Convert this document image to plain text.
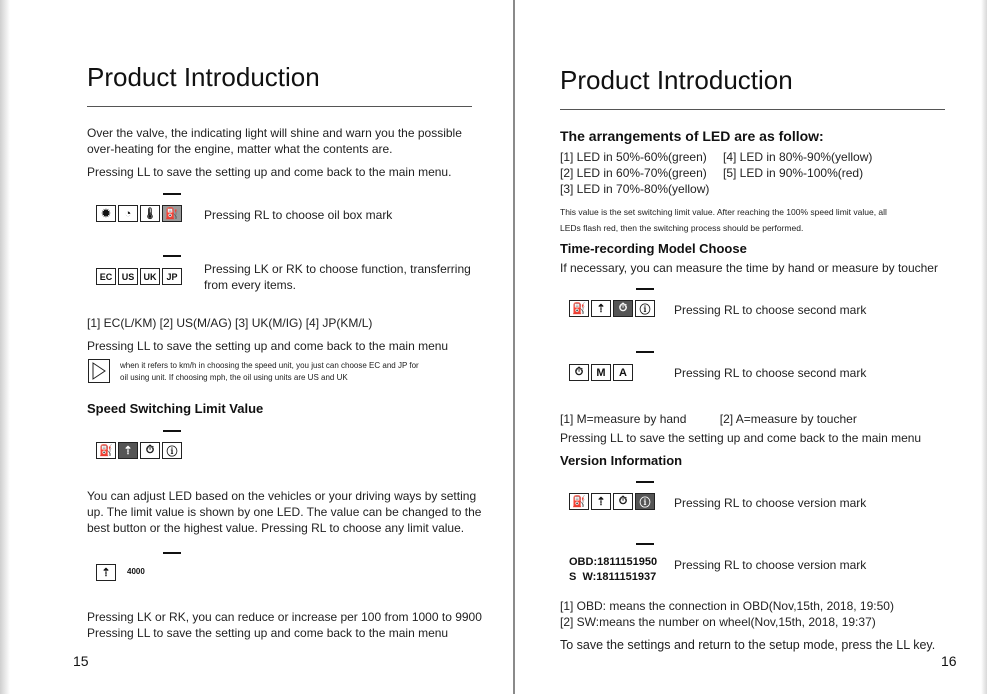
Product Introduction
Over the valve, the indicating light will shine and warn you the possible
over-heating for the engine, matter what the contents are.
Pressing LL to save the setting up and come back to the main menu.
✹	◔	🌡 ⛽ Pressing RL to choose oil box mark
EC	US	UK	JP
Pressing LK or RK to choose function, transferring
from every items.
[1] EC(L/KM) [2] US(M/AG) [3] UK(M/IG) [4] JP(KM/L)
Pressing LL to save the setting up and come back to the main menu
when it refers to km/h in choosing the speed unit, you just can choose EC and JP for
oil using unit. If choosing mph, the oil using units are US and UK
Speed Switching Limit Value
⛽ ⇡	⏱	ⓘ
You can adjust LED based on the vehicles or your driving ways by setting
up. The limit value is shown by one LED. The value can be changed to the
best button or the highest value. Pressing RL to choose any limit value.
⇡	4000
Pressing LK or RK, you can reduce or increase per 100 from 1000 to 9900
Pressing LL to save the setting up and come back to the main menu
15
Product Introduction
The arrangements of LED are as follow:
[1] LED in 50%-60%(green)
[2] LED in 60%-70%(green)
[3] LED in 70%-80%(yellow)
[4] LED in 80%-90%(yellow)
[5] LED in 90%-100%(red)
This value is the set switching limit value. After reaching the 100% speed limit value, all
LEDs flash red, then the switching process should be performed.
Time-recording Model Choose
If necessary, you can measure the time by hand or measure by toucher
⛽ ⇡	⏱	ⓘ	Pressing RL to choose second mark
⏱	M	A	Pressing RL to choose second mark
[1] M=measure by hand          [2] A=measure by toucher
Pressing LL to save the setting up and come back to the main menu
Version Information
⛽ ⇡	⏱	ⓘ	Pressing RL to choose version mark
OBD:1811151950
S  W:1811151937
Pressing RL to choose version mark
[1] OBD: means the connection in OBD(Nov,15th, 2018, 19:50)
[2] SW:means the number on wheel(Nov,15th, 2018, 19:37)
To save the settings and return to the setup mode, press the LL key.
16
